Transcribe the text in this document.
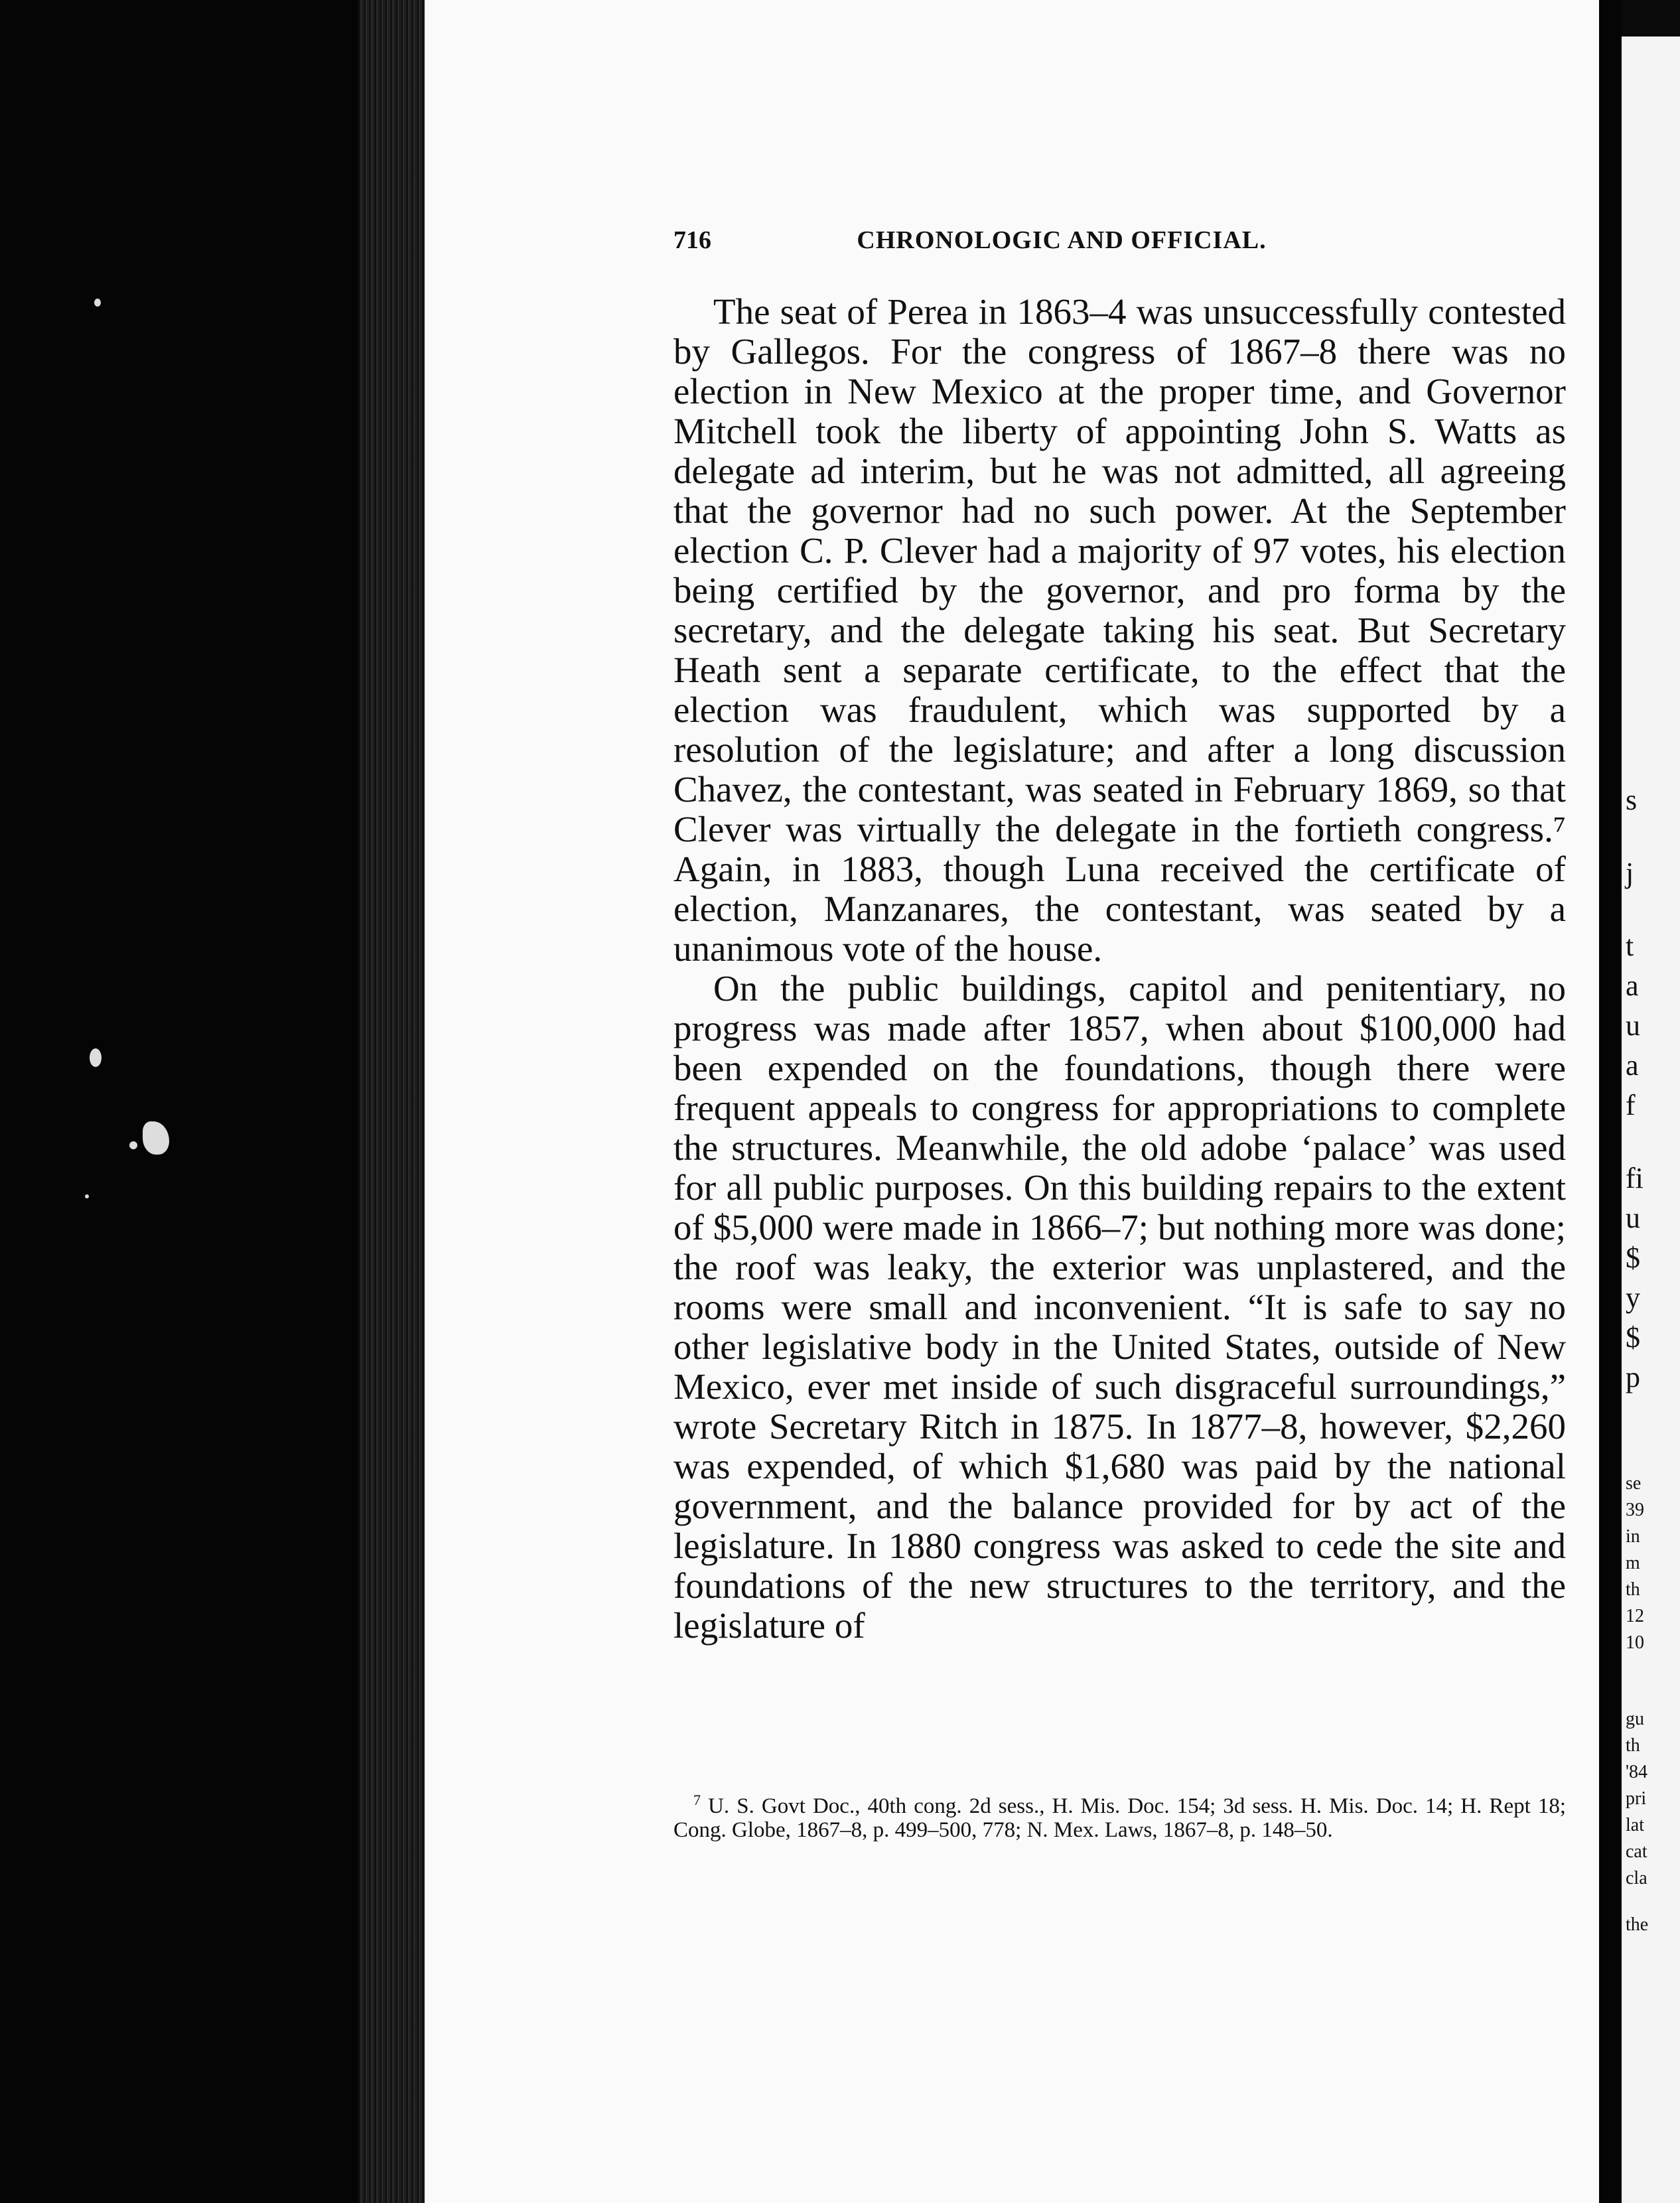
716	CHRONOLOGIC AND OFFICIAL.

The seat of Perea in 1863–4 was unsuccessfully contested by Gallegos. For the congress of 1867–8 there was no election in New Mexico at the proper time, and Governor Mitchell took the liberty of appointing John S. Watts as delegate ad interim, but he was not admitted, all agreeing that the governor had no such power. At the September election C. P. Clever had a majority of 97 votes, his election being certified by the governor, and pro forma by the secretary, and the delegate taking his seat. But Secretary Heath sent a separate certificate, to the effect that the election was fraudulent, which was supported by a resolution of the legislature; and after a long discussion Chavez, the contestant, was seated in February 1869, so that Clever was virtually the delegate in the fortieth congress.⁷ Again, in 1883, though Luna received the certificate of election, Manzanares, the contestant, was seated by a unanimous vote of the house.

On the public buildings, capitol and penitentiary, no progress was made after 1857, when about $100,000 had been expended on the foundations, though there were frequent appeals to congress for appropriations to complete the structures. Meanwhile, the old adobe ‘palace’ was used for all public purposes. On this building repairs to the extent of $5,000 were made in 1866–7; but nothing more was done; the roof was leaky, the exterior was unplastered, and the rooms were small and inconvenient. “It is safe to say no other legislative body in the United States, outside of New Mexico, ever met inside of such disgraceful surroundings,” wrote Secretary Ritch in 1875. In 1877–8, however, $2,260 was expended, of which $1,680 was paid by the national government, and the balance provided for by act of the legislature. In 1880 congress was asked to cede the site and foundations of the new structures to the territory, and the legislature of

$^7$ U. S. Govt Doc., 40th cong. 2d sess., H. Mis. Doc. 154; 3d sess. H. Mis. Doc. 14; H. Rept 18; Cong. Globe, 1867–8, p. 499–500, 778; N. Mex. Laws, 1867–8, p. 148–50.

s
j
t
a
u
a
f
fi
u
$
y
$
p
se
39
in
m
th
12
10
gu
th
'84
pri
lat
cat
cla
the
